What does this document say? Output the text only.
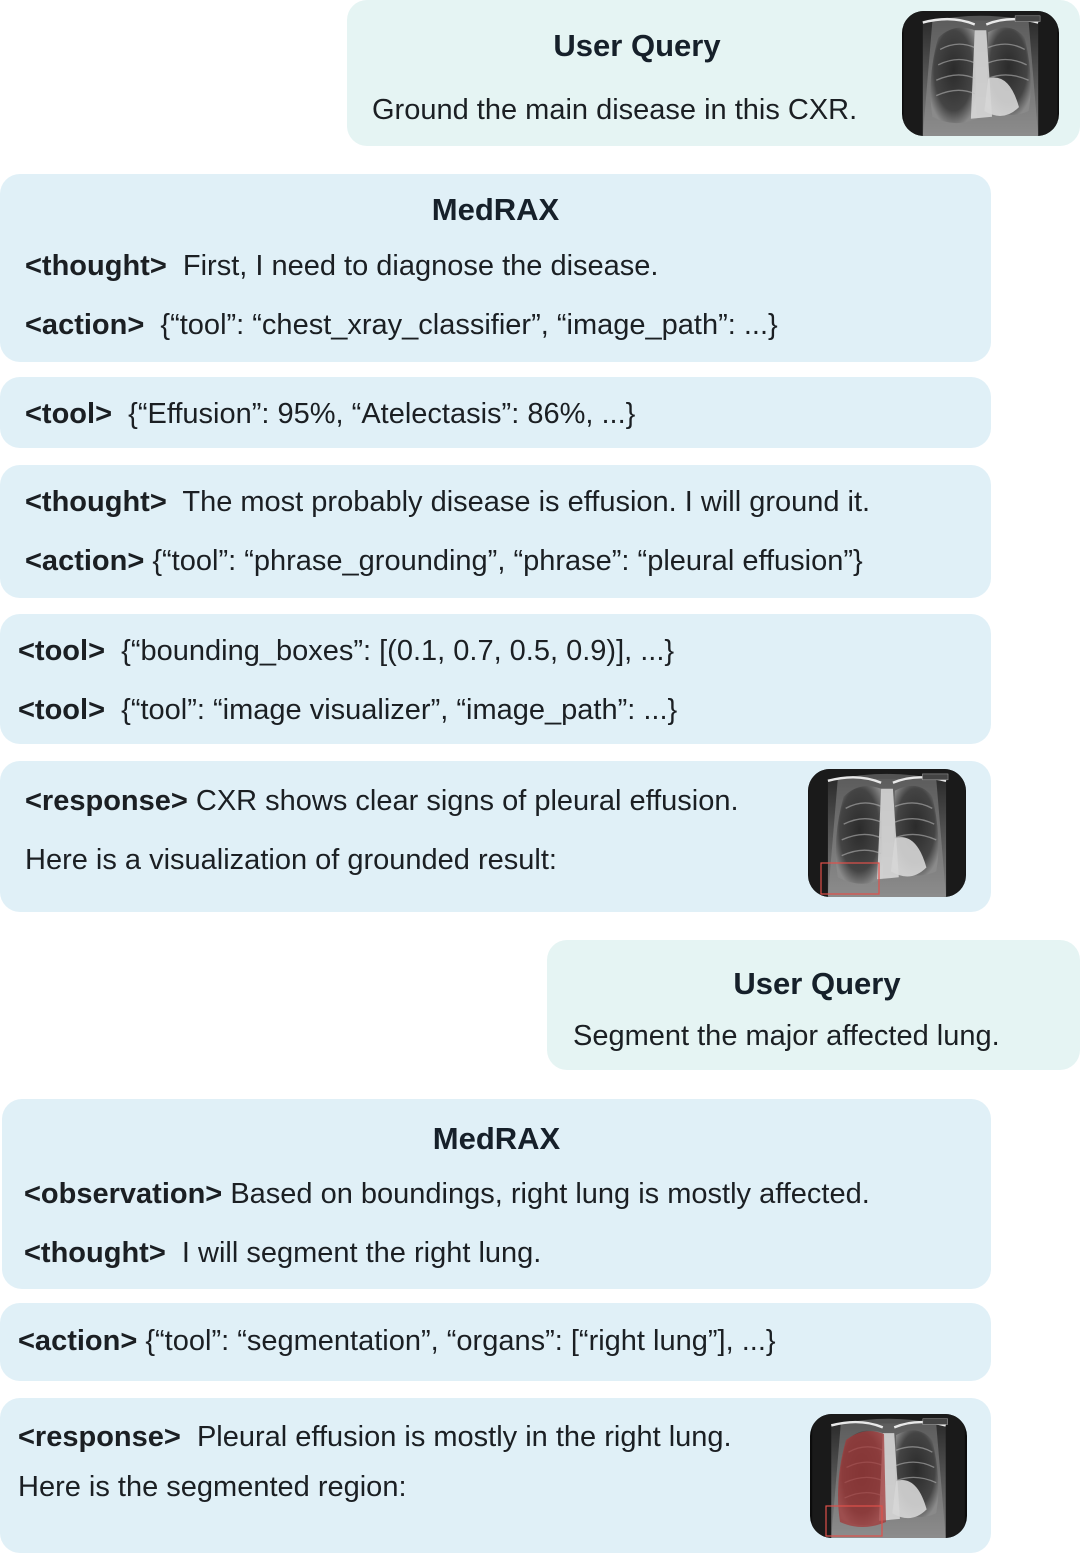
User Query
Ground the main disease in this CXR.
MedRAX
<thought> First, I need to diagnose the disease.
<action> {“tool”: “chest_xray_classifier”, “image_path”: ...}
<tool> {“Effusion”: 95%, “Atelectasis”: 86%, ...}
<thought> The most probably disease is effusion. I will ground it.
<action> {“tool”: “phrase_grounding”, “phrase”: “pleural effusion”}
<tool> {“bounding_boxes”: [(0.1, 0.7, 0.5, 0.9)], ...}
<tool> {“tool”: “image visualizer”, “image_path”: ...}
<response> CXR shows clear signs of pleural effusion.
Here is a visualization of grounded result:
User Query
Segment the major affected lung.
MedRAX
<observation> Based on boundings, right lung is mostly affected.
<thought> I will segment the right lung.
<action> {“tool”: “segmentation”, “organs”: [“right lung”], ...}
<response> Pleural effusion is mostly in the right lung.
Here is the segmented region:
